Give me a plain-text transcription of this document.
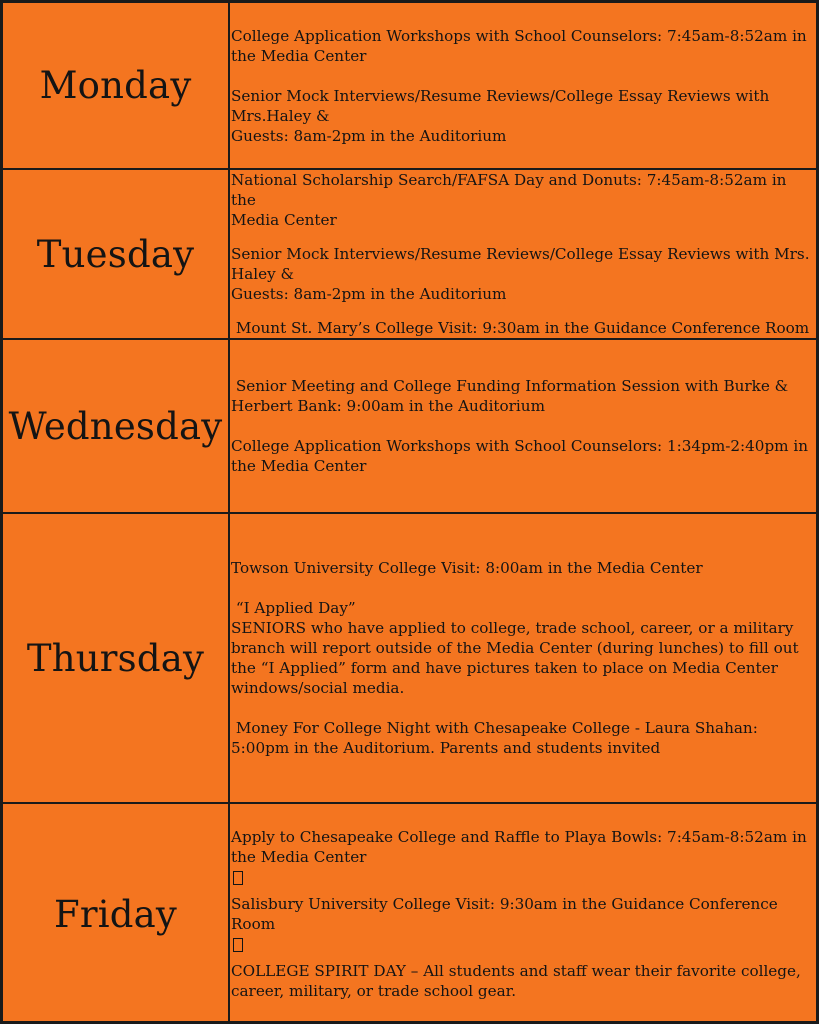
Monday

College Application Workshops with School Counselors: 7:45am-8:52am in
the Media Center

Senior Mock Interviews/Resume Reviews/College Essay Reviews with Mrs.Haley &
Guests: 8am-2pm in the Auditorium

Tuesday

National Scholarship Search/FAFSA Day and Donuts: 7:45am-8:52am in the
Media Center

Senior Mock Interviews/Resume Reviews/College Essay Reviews with Mrs. Haley &
Guests: 8am-2pm in the Auditorium

Mount St. Mary’s College Visit: 9:30am in the Guidance Conference Room

Wednesday

Senior Meeting and College Funding Information Session with Burke &
Herbert Bank: 9:00am in the Auditorium

College Application Workshops with School Counselors: 1:34pm-2:40pm in
the Media Center

Thursday

Towson University College Visit: 8:00am in the Media Center

“I Applied Day”
SENIORS who have applied to college, trade school, career, or a military
branch will report outside of the Media Center (during lunches) to fill out
the “I Applied” form and have pictures taken to place on Media Center
windows/social media.

Money For College Night with Chesapeake College - Laura Shahan:
5:00pm in the Auditorium. Parents and students invited

Friday

Apply to Chesapeake College and Raffle to Playa Bowls: 7:45am-8:52am in
the Media Center

Salisbury University College Visit: 9:30am in the Guidance Conference
Room

COLLEGE SPIRIT DAY – All students and staff wear their favorite college,
career, military, or trade school gear.
